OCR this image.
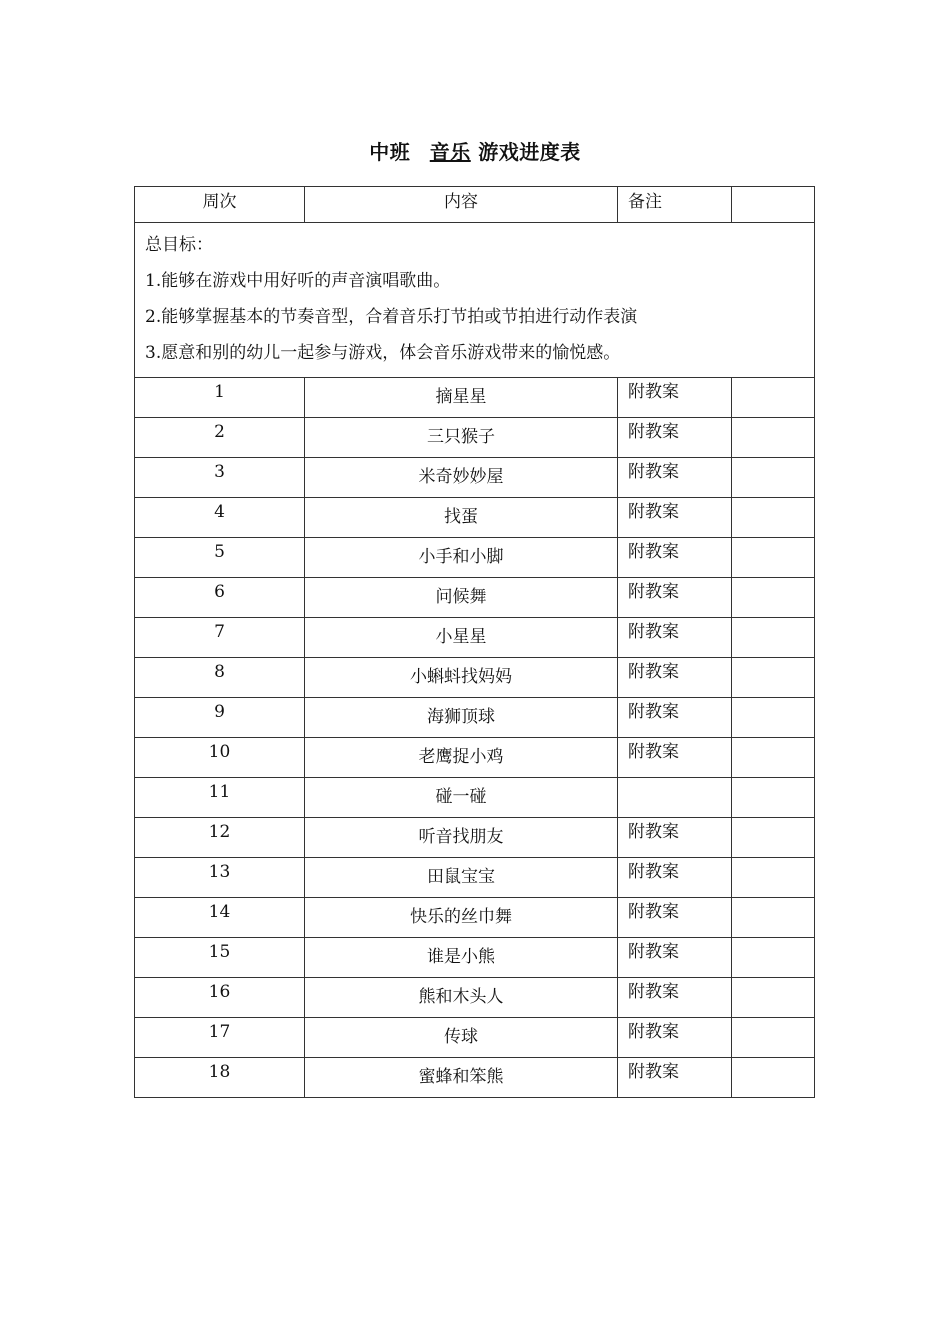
中班 音乐 游戏进度表
周次	内容	备注	

总目标：
1.能够在游戏中用好听的声音演唱歌曲。
2.能够掌握基本的节奏音型，合着音乐打节拍或节拍进行动作表演
3.愿意和别的幼儿一起参与游戏，体会音乐游戏带来的愉悦感。			

1	摘星星	附教案	
2	三只猴子	附教案	
3	米奇妙妙屋	附教案	
4	找蛋	附教案	
5	小手和小脚	附教案	
6	问候舞	附教案	
7	小星星	附教案	
8	小蝌蚪找妈妈	附教案	
9	海狮顶球	附教案	
10	老鹰捉小鸡	附教案	
11	碰一碰		
12	听音找朋友	附教案	
13	田鼠宝宝	附教案	
14	快乐的丝巾舞	附教案	
15	谁是小熊	附教案	
16	熊和木头人	附教案	
17	传球	附教案	
18	蜜蜂和笨熊	附教案	
